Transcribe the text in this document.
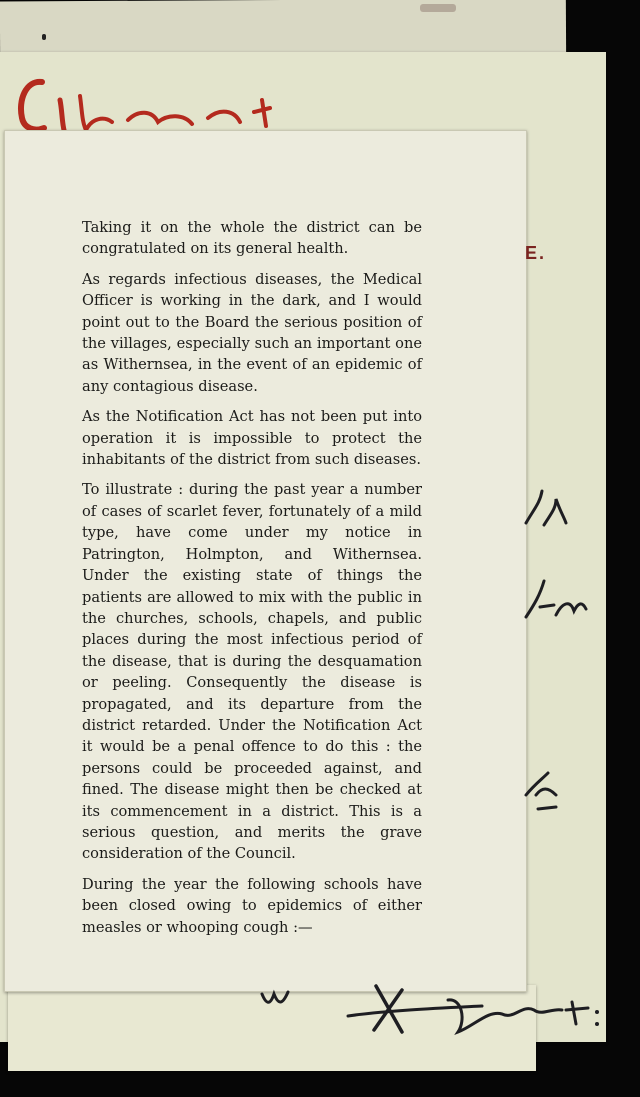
E.

Taking it on the whole the district can be congratulated on its general health.

As regards infectious diseases, the Medical Officer is working in the dark, and I would point out to the Board the serious position of the villages, especially such an important one as Withernsea, in the event of an epidemic of any contagious disease.

As the Notification Act has not been put into operation it is impossible to protect the inhabitants of the district from such diseases.

To illustrate : during the past year a number of cases of scarlet fever, fortunately of a mild type, have come under my notice in Patrington, Holmpton, and Withernsea. Under the existing state of things the patients are allowed to mix with the public in the churches, schools, chapels, and public places during the most infectious period of the disease, that is during the desquamation or peeling. Consequently the disease is propagated, and its departure from the district retarded. Under the Notification Act it would be a penal offence to do this : the persons could be proceeded against, and fined. The disease might then be checked at its commencement in a district. This is a serious question, and merits the grave consideration of the Council.

During the year the following schools have been closed owing to epidemics of either measles or whooping cough :—
